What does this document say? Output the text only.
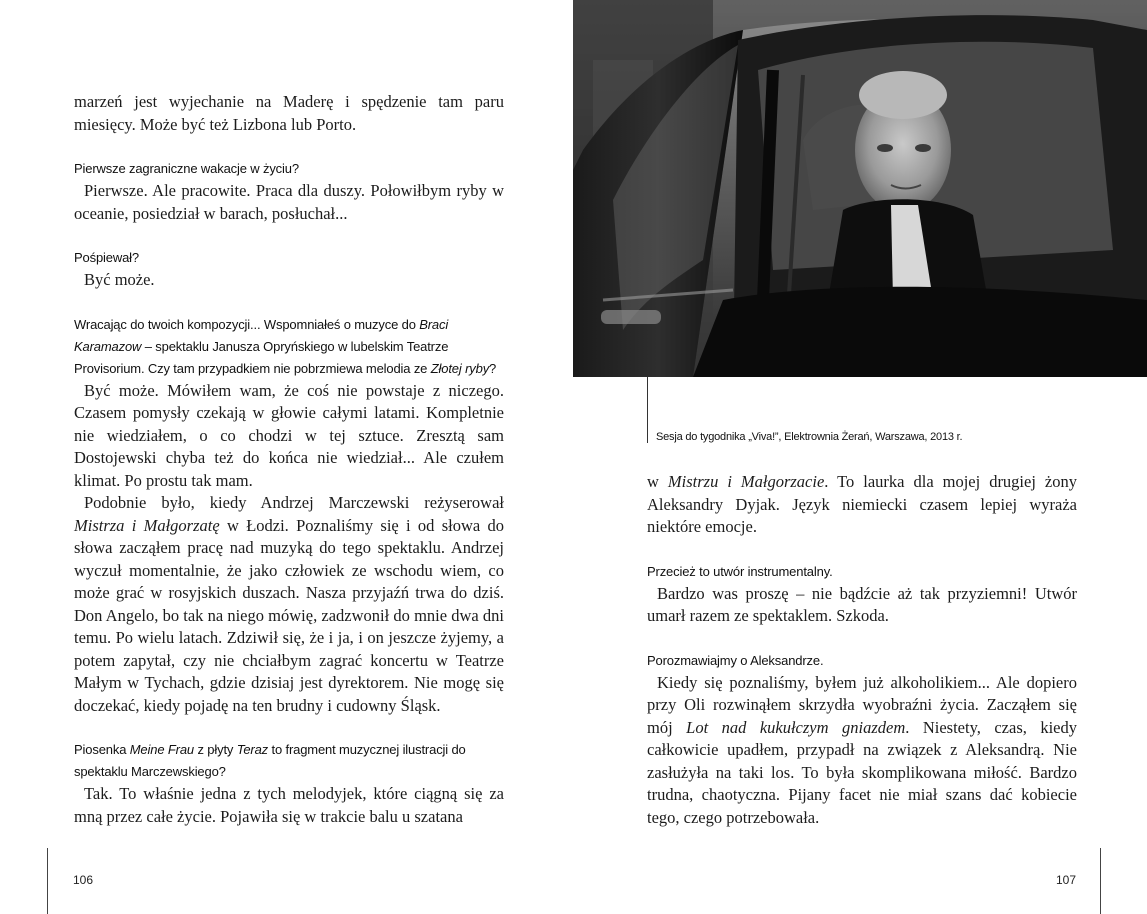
marzeń jest wyjechanie na Maderę i spędzenie tam paru miesięcy. Może być też Lizbona lub Porto.
Pierwsze zagraniczne wakacje w życiu?
Pierwsze. Ale pracowite. Praca dla duszy. Połowiłbym ryby w oceanie, posiedział w barach, posłuchał...
Pośpiewał?
Być może.
Wracając do twoich kompozycji... Wspomniałeś o muzyce do Braci Karamazow – spektaklu Janusza Opryńskiego w lubelskim Teatrze Provisorium. Czy tam przypadkiem nie pobrzmiewa melodia ze Złotej ryby?
Być może. Mówiłem wam, że coś nie powstaje z niczego. Czasem pomysły czekają w głowie całymi latami. Kompletnie nie wiedziałem, o co chodzi w tej sztuce. Zresztą sam Dostojewski chyba też do końca nie wiedział... Ale czułem klimat. Po prostu tak mam.
Podobnie było, kiedy Andrzej Marczewski reżyserował Mistrza i Małgorzatę w Łodzi. Poznaliśmy się i od słowa do słowa zacząłem pracę nad muzyką do tego spektaklu. Andrzej wyczuł momentalnie, że jako człowiek ze wschodu wiem, co może grać w rosyjskich duszach. Nasza przyjaźń trwa do dziś. Don Angelo, bo tak na niego mówię, zadzwonił do mnie dwa dni temu. Po wielu latach. Zdziwił się, że i ja, i on jeszcze żyjemy, a potem zapytał, czy nie chciałbym zagrać koncertu w Teatrze Małym w Tychach, gdzie dzisiaj jest dyrektorem. Nie mogę się doczekać, kiedy pojadę na ten brudny i cudowny Śląsk.
Piosenka Meine Frau z płyty Teraz to fragment muzycznej ilustracji do spektaklu Marczewskiego?
Tak. To właśnie jedna z tych melodyjek, które ciągną się za mną przez całe życie. Pojawiła się w trakcie balu u szatana
106
Sesja do tygodnika „Viva!”, Elektrownia Żerań, Warszawa, 2013 r.
w Mistrzu i Małgorzacie. To laurka dla mojej drugiej żony Aleksandry Dyjak. Język niemiecki czasem lepiej wyraża niektóre emocje.
Przecież to utwór instrumentalny.
Bardzo was proszę – nie bądźcie aż tak przyziemni! Utwór umarł razem ze spektaklem. Szkoda.
Porozmawiajmy o Aleksandrze.
Kiedy się poznaliśmy, byłem już alkoholikiem... Ale dopiero przy Oli rozwinąłem skrzydła wyobraźni życia. Zacząłem się mój Lot nad kukułczym gniazdem. Niestety, czas, kiedy całkowicie upadłem, przypadł na związek z Aleksandrą. Nie zasłużyła na taki los. To była skomplikowana miłość. Bardzo trudna, chaotyczna. Pijany facet nie miał szans dać kobiecie tego, czego potrzebowała.
107
